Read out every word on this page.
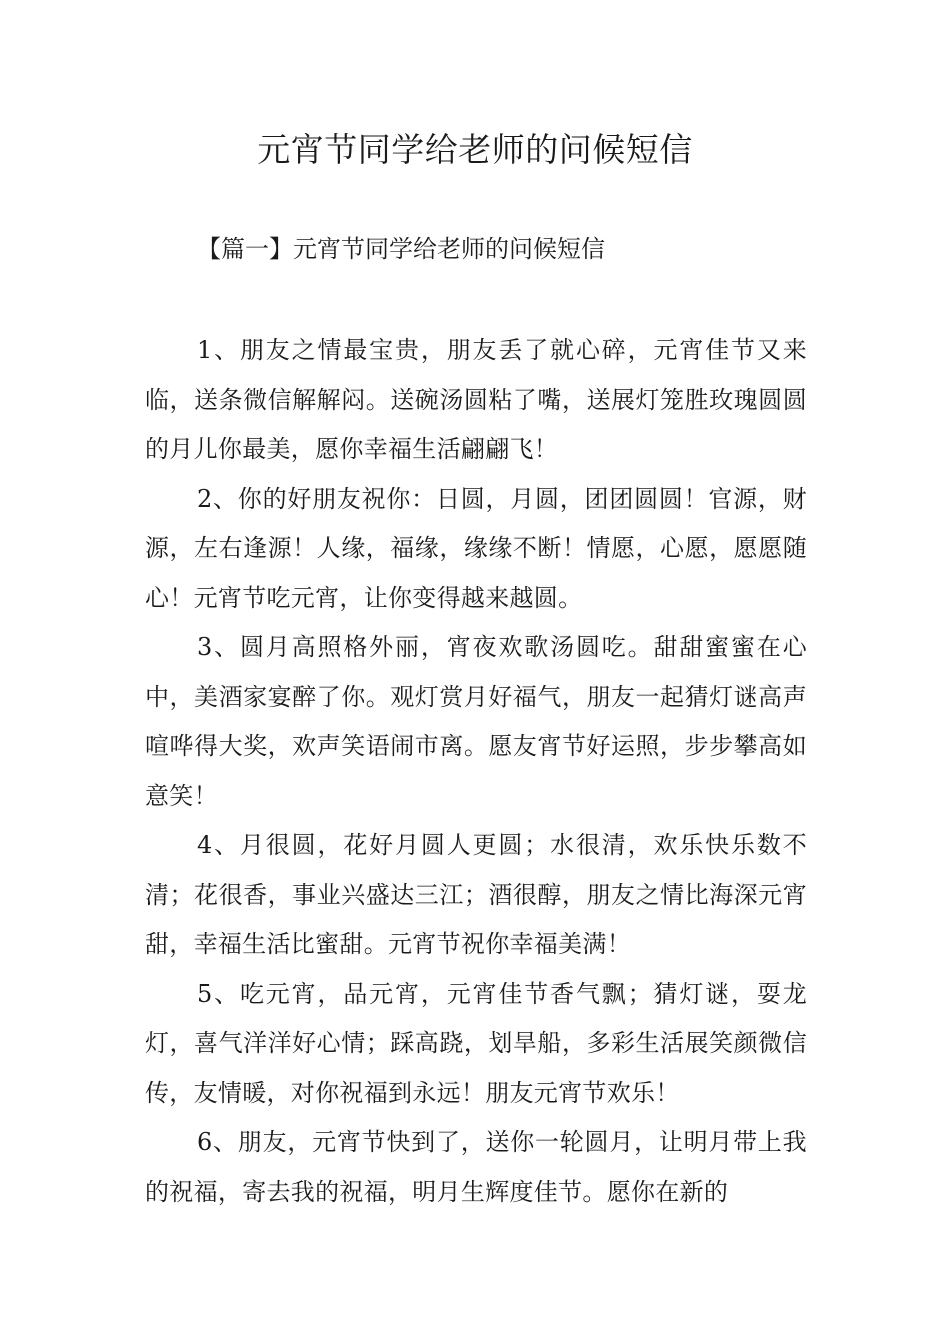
元宵节同学给老师的问候短信

【篇一】元宵节同学给老师的问候短信

1、朋友之情最宝贵，朋友丢了就心碎，元宵佳节又来临，送条微信解解闷。送碗汤圆粘了嘴，送展灯笼胜玫瑰圆圆的月儿你最美，愿你幸福生活翩翩飞！

2、你的好朋友祝你：日圆，月圆，团团圆圆！官源，财源，左右逢源！人缘，福缘，缘缘不断！情愿，心愿，愿愿随心！元宵节吃元宵，让你变得越来越圆。

3、圆月高照格外丽，宵夜欢歌汤圆吃。甜甜蜜蜜在心中，美酒家宴醉了你。观灯赏月好福气，朋友一起猜灯谜高声喧哗得大奖，欢声笑语闹市离。愿友宵节好运照，步步攀高如意笑！

4、月很圆，花好月圆人更圆；水很清，欢乐快乐数不清；花很香，事业兴盛达三江；酒很醇，朋友之情比海深元宵甜，幸福生活比蜜甜。元宵节祝你幸福美满！

5、吃元宵，品元宵，元宵佳节香气飘；猜灯谜，耍龙灯，喜气洋洋好心情；踩高跷，划旱船，多彩生活展笑颜微信传，友情暖，对你祝福到永远！朋友元宵节欢乐！

6、朋友，元宵节快到了，送你一轮圆月，让明月带上我的祝福，寄去我的祝福，明月生辉度佳节。愿你在新的
